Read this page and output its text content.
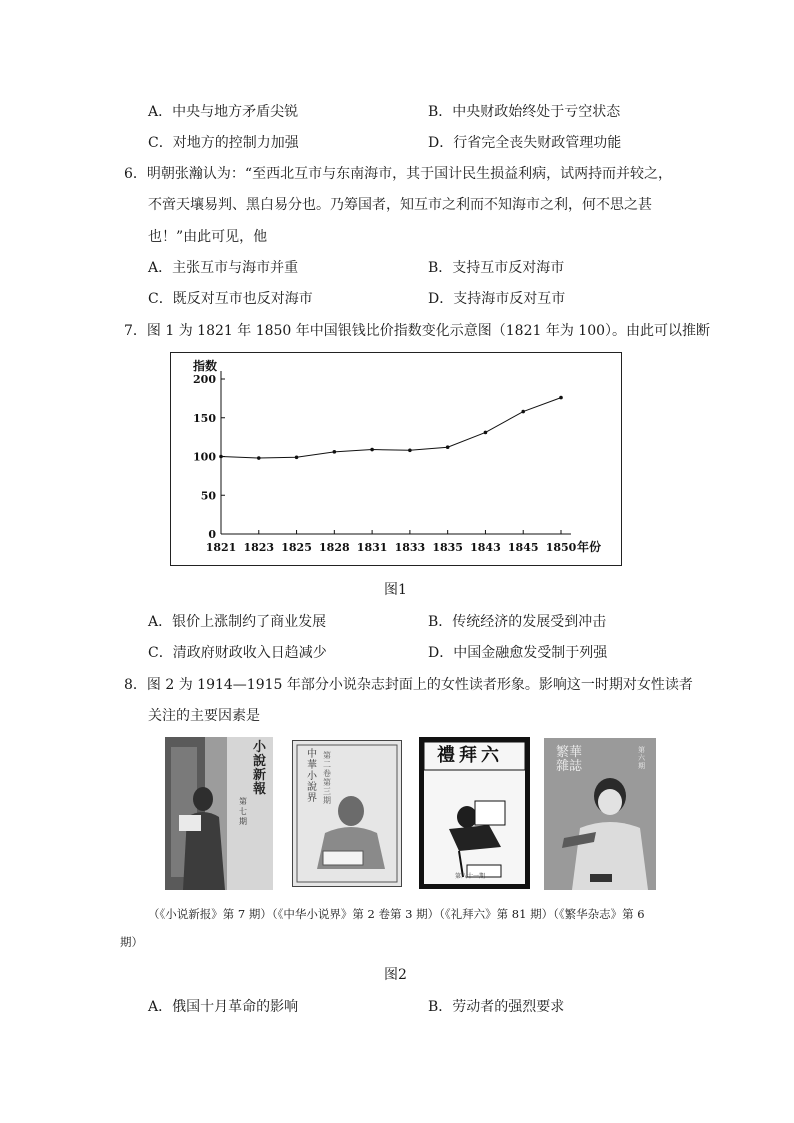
A．中央与地方矛盾尖锐	B．中央财政始终处于亏空状态
C．对地方的控制力加强	D．行省完全丧失财政管理功能
6．明朝张瀚认为：“至西北互市与东南海市，其于国计民生损益利病，试两持而并较之，
不啻天壤易判、黑白易分也。乃筹国者，知互市之利而不知海市之利，何不思之甚
也！”由此可见，他
A．主张互市与海市并重	B．支持互市反对海市
C．既反对互市也反对海市	D．支持海市反对互市
7．图 1 为 1821 年 1850 年中国银钱比价指数变化示意图（1821 年为 100）。由此可以推断
0
50
100
150
200
指数
1821 1823 1825 1828 1831 1833 1835 1843 1845 1850 年份
图1
A．银价上涨制约了商业发展	B．传统经济的发展受到冲击
C．清政府财政收入日趋减少	D．中国金融愈发受制于列强
8．图 2 为 1914—1915 年部分小说杂志封面上的女性读者形象。影响这一时期对女性读者
关注的主要因素是
小說新報
第七期
中華小說界
第二卷第三期
禮拜六
第八十一期
繁華雜誌
第六期
（《小说新报》第 7 期）（《中华小说界》第 2 卷第 3 期）（《礼拜六》第 81 期）（《繁华杂志》第 6
期）
图2
A．俄国十月革命的影响	B．劳动者的强烈要求
